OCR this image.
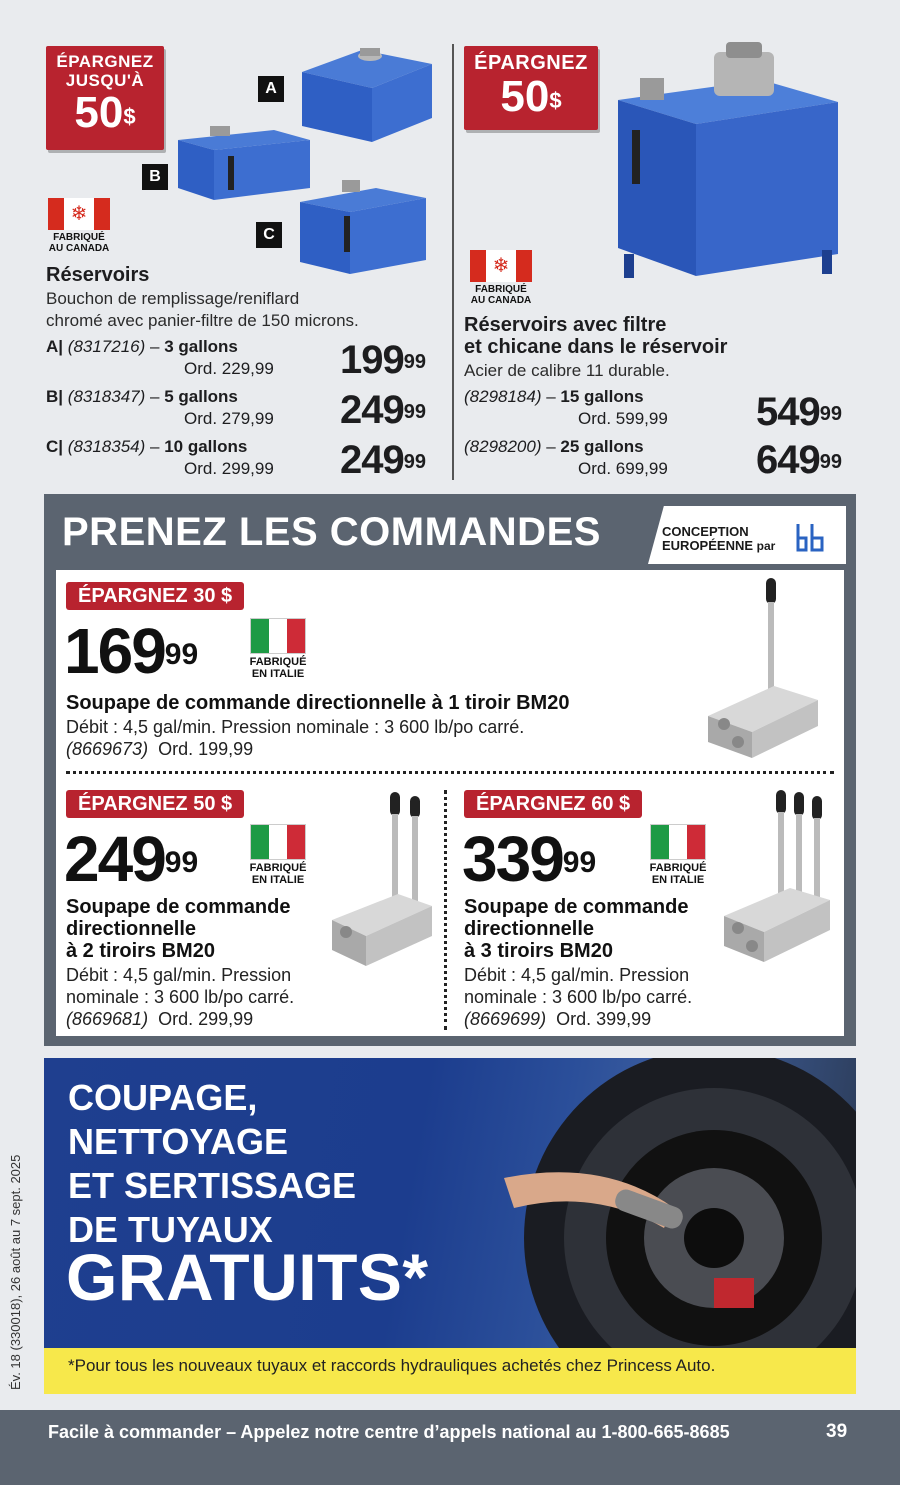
ÉPARGNEZ
JUSQU'À
50$
A
B
C
❄
FABRIQUÉ
AU CANADA
Réservoirs
Bouchon de remplissage/reniflard
chromé avec panier-filtre de 150 microns.
A| (8317216) – 3 gallons
Ord. 229,99 $199^{99}$
B| (8318347) – 5 gallons
Ord. 279,99 $249^{99}$
C| (8318354) – 10 gallons
Ord. 299,99 $249^{99}$
ÉPARGNEZ
50$
❄
FABRIQUÉ
AU CANADA
Réservoirs avec filtre
et chicane dans le réservoir
Acier de calibre 11 durable.
(8298184) – 15 gallons
Ord. 599,99 $549^{99}$
(8298200) – 25 gallons
Ord. 699,99 $649^{99}$
PRENEZ LES COMMANDES	CONCEPTION
EUROPÉENNE par
ÉPARGNEZ 30 $
$169^{99}$	FABRIQUÉ
EN ITALIE
Soupape de commande directionnelle à 1 tiroir BM20
Débit : 4,5 gal/min. Pression nominale : 3 600 lb/po carré.
(8669673) Ord. 199,99
ÉPARGNEZ 50 $
$249^{99}$	FABRIQUÉ
EN ITALIE
Soupape de commande
directionnelle
à 2 tiroirs BM20
Débit : 4,5 gal/min. Pression
nominale : 3 600 lb/po carré.
(8669681) Ord. 299,99
ÉPARGNEZ 60 $
$339^{99}$	FABRIQUÉ
EN ITALIE
Soupape de commande
directionnelle
à 3 tiroirs BM20
Débit : 4,5 gal/min. Pression
nominale : 3 600 lb/po carré.
(8669699) Ord. 399,99
COUPAGE,
NETTOYAGE
ET SERTISSAGE
DE TUYAUX
GRATUITS*
*Pour tous les nouveaux tuyaux et raccords hydrauliques achetés chez Princess Auto.
Év. 18 (330018), 26 août au 7 sept. 2025
Facile à commander – Appelez notre centre d’appels national au 1-800-665-8685	39
